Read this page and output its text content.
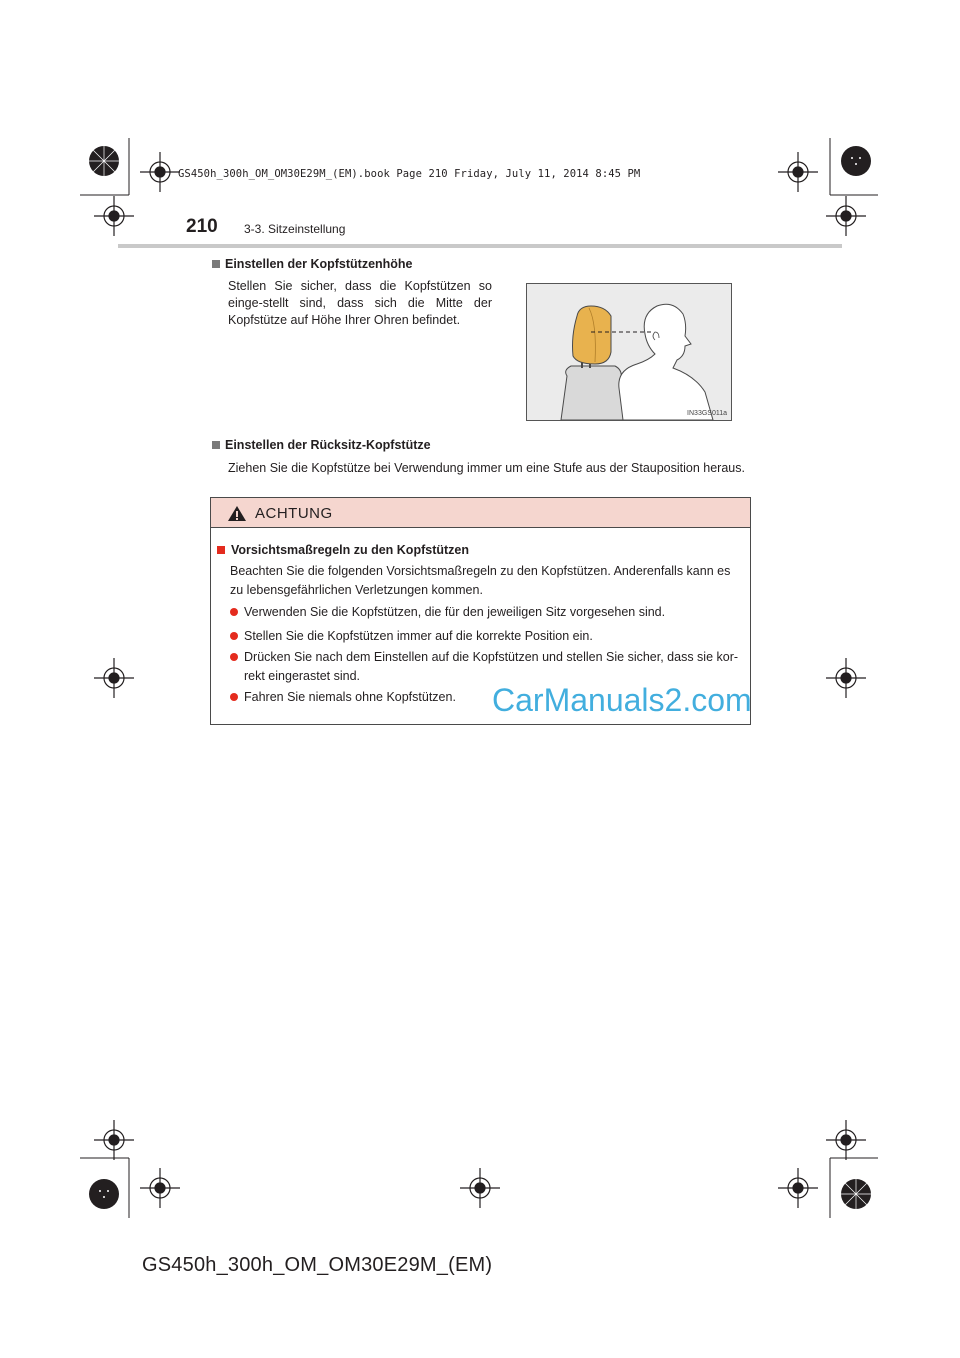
GS450h_300h_OM_OM30E29M_(EM).book Page 210 Friday, July 11, 2014 8:45 PM
210 3-3. Sitzeinstellung
Einstellen der Kopfstützenhöhe
Stellen Sie sicher, dass die Kopfstützen so einge-stellt sind, dass sich die Mitte der Kopfstütze auf Höhe Ihrer Ohren befindet.
IN33GS011a
Einstellen der Rücksitz-Kopfstütze
Ziehen Sie die Kopfstütze bei Verwendung immer um eine Stufe aus der Stauposition heraus.
ACHTUNG
Vorsichtsmaßregeln zu den Kopfstützen
Beachten Sie die folgenden Vorsichtsmaßregeln zu den Kopfstützen. Anderenfalls kann es zu lebensgefährlichen Verletzungen kommen.
Verwenden Sie die Kopfstützen, die für den jeweiligen Sitz vorgesehen sind.
Stellen Sie die Kopfstützen immer auf die korrekte Position ein.
Drücken Sie nach dem Einstellen auf die Kopfstützen und stellen Sie sicher, dass sie kor-rekt eingerastet sind.
Fahren Sie niemals ohne Kopfstützen.	CarManuals2.com
GS450h_300h_OM_OM30E29M_(EM)
